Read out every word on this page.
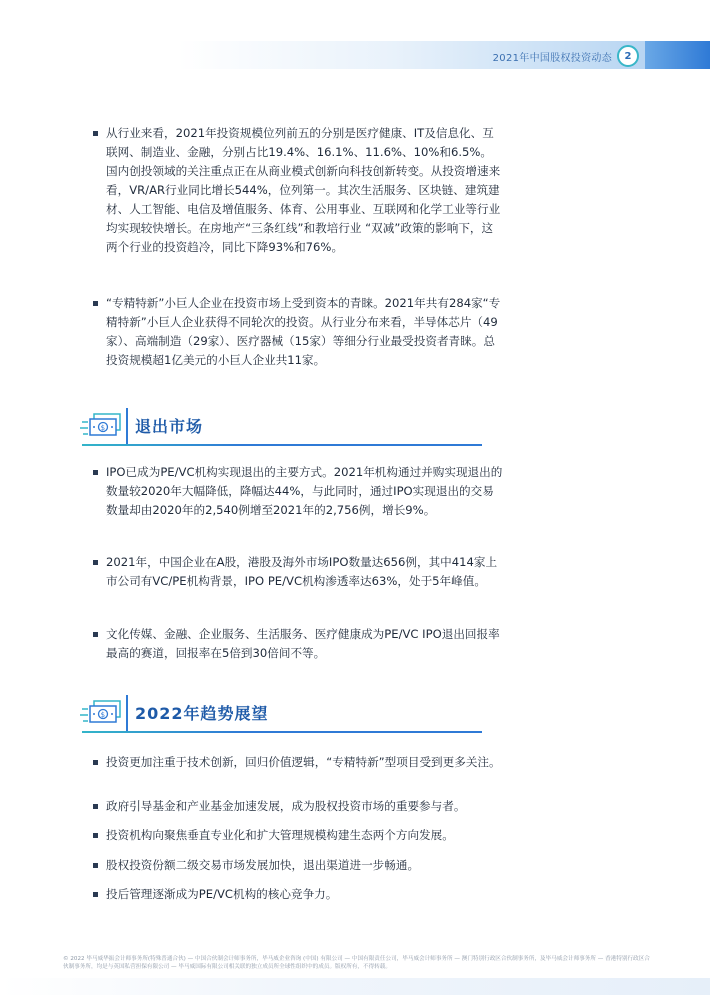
2021年中国股权投资动态	2
从行业来看，2021年投资规模位列前五的分别是医疗健康、IT及信息化、互联网、制造业、金融，分别占比19.4%、16.1%、11.6%、10%和6.5%。国内创投领域的关注重点正在从商业模式创新向科技创新转变。从投资增速来看，VR/AR行业同比增长544%，位列第一。其次生活服务、区块链、建筑建材、人工智能、电信及增值服务、体育、公用事业、互联网和化学工业等行业均实现较快增长。在房地产“三条红线”和教培行业 “双减”政策的影响下，这两个行业的投资趋冷，同比下降93%和76%。
“专精特新”小巨人企业在投资市场上受到资本的青睐。2021年共有284家“专精特新”小巨人企业获得不同轮次的投资。从行业分布来看，半导体芯片（49家）、高端制造（29家）、医疗器械（15家）等细分行业最受投资者青睐。总投资规模超1亿美元的小巨人企业共11家。
$ 退出市场
IPO已成为PE/VC机构实现退出的主要方式。2021年机构通过并购实现退出的数量较2020年大幅降低，降幅达44%，与此同时，通过IPO实现退出的交易数量却由2020年的2,540例增至2021年的2,756例，增长9%。
2021年，中国企业在A股，港股及海外市场IPO数量达656例，其中414家上市公司有VC/PE机构背景，IPO PE/VC机构渗透率达63%，处于5年峰值。
文化传媒、金融、企业服务、生活服务、医疗健康成为PE/VC IPO退出回报率最高的赛道，回报率在5倍到30倍间不等。
$ 2022年趋势展望
投资更加注重于技术创新，回归价值逻辑，“专精特新”型项目受到更多关注。
政府引导基金和产业基金加速发展，成为股权投资市场的重要参与者。
投资机构向聚焦垂直专业化和扩大管理规模构建生态两个方向发展。
股权投资份额二级交易市场发展加快，退出渠道进一步畅通。
投后管理逐渐成为PE/VC机构的核心竞争力。
© 2022 毕马威华振会计师事务所(特殊普通合伙) — 中国合伙制会计师事务所，毕马威企业咨询 (中国) 有限公司 — 中国有限责任公司，毕马威会计师事务所 — 澳门特别行政区合伙制事务所，及毕马威会计师事务所 — 香港特别行政区合伙制事务所，均是与英国私营担保有限公司 — 毕马威国际有限公司相关联的独立成员所全球性组织中的成员。版权所有，不得转载。
